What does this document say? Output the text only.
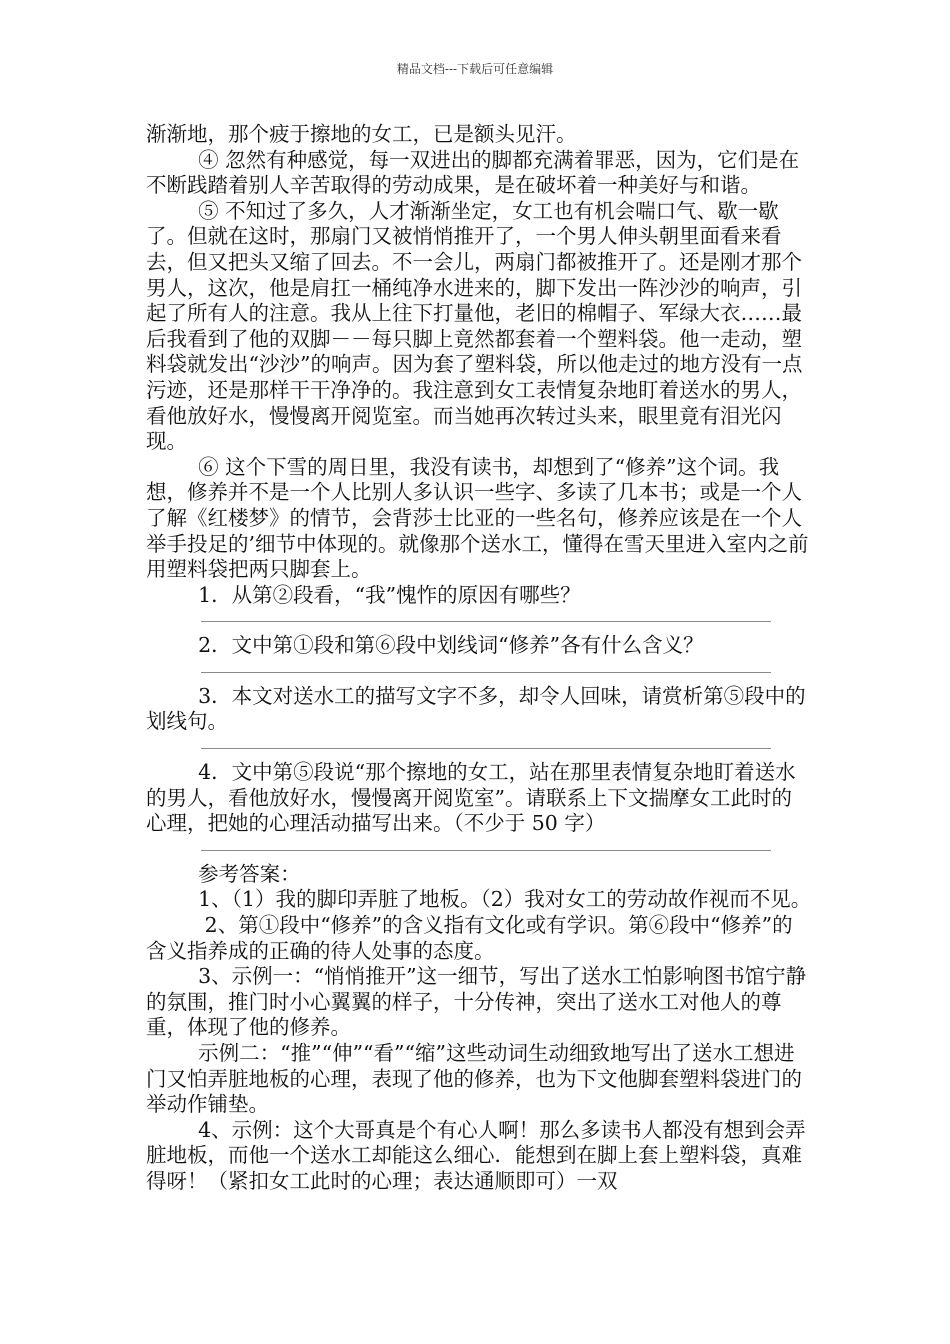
精品文档---下载后可任意编辑

渐渐地，那个疲于擦地的女工，已是额头见汗。

④ 忽然有种感觉，每一双进出的脚都充满着罪恶，因为，它们是在不断践踏着别人辛苦取得的劳动成果，是在破坏着一种美好与和谐。

⑤ 不知过了多久，人才渐渐坐定，女工也有机会喘口气、歇一歇了。但就在这时，那扇门又被悄悄推开了，一个男人伸头朝里面看来看去，但又把头又缩了回去。不一会儿，两扇门都被推开了。还是刚才那个男人，这次，他是肩扛一桶纯净水进来的，脚下发出一阵沙沙的响声，引起了所有人的注意。我从上往下打量他，老旧的棉帽子、军绿大衣……最后我看到了他的双脚－－每只脚上竟然都套着一个塑料袋。他一走动，塑料袋就发出“沙沙”的响声。因为套了塑料袋，所以他走过的地方没有一点污迹，还是那样干干净净的。我注意到女工表情复杂地盯着送水的男人，看他放好水，慢慢离开阅览室。而当她再次转过头来，眼里竟有泪光闪现。

⑥ 这个下雪的周日里，我没有读书，却想到了“修养”这个词。我想，修养并不是一个人比别人多认识一些字、多读了几本书；或是一个人了解《红楼梦》的情节，会背莎士比亚的一些名句，修养应该是在一个人举手投足的’细节中体现的。就像那个送水工，懂得在雪天里进入室内之前用塑料袋把两只脚套上。

1．从第②段看，“我”愧怍的原因有哪些？

2．文中第①段和第⑥段中划线词“修养”各有什么含义？

3．本文对送水工的描写文字不多，却令人回味，请赏析第⑤段中的划线句。

4．文中第⑤段说“那个擦地的女工，站在那里表情复杂地盯着送水的男人，看他放好水，慢慢离开阅览室”。请联系上下文揣摩女工此时的心理，把她的心理活动描写出来。（不少于 50 字）

参考答案：

1、（1）我的脚印弄脏了地板。（2）我对女工的劳动故作视而不见。

2、第①段中“修养”的含义指有文化或有学识。第⑥段中“修养”的含义指养成的正确的待人处事的态度。

3、示例一：“悄悄推开”这一细节，写出了送水工怕影响图书馆宁静的氛围，推门时小心翼翼的样子，十分传神，突出了送水工对他人的尊重，体现了他的修养。

示例二：“推”“伸”“看”“缩”这些动词生动细致地写出了送水工想进门又怕弄脏地板的心理，表现了他的修养，也为下文他脚套塑料袋进门的举动作铺垫。

4、示例：这个大哥真是个有心人啊！那么多读书人都没有想到会弄脏地板，而他一个送水工却能这么细心．能想到在脚上套上塑料袋，真难得呀！（紧扣女工此时的心理；表达通顺即可）一双
